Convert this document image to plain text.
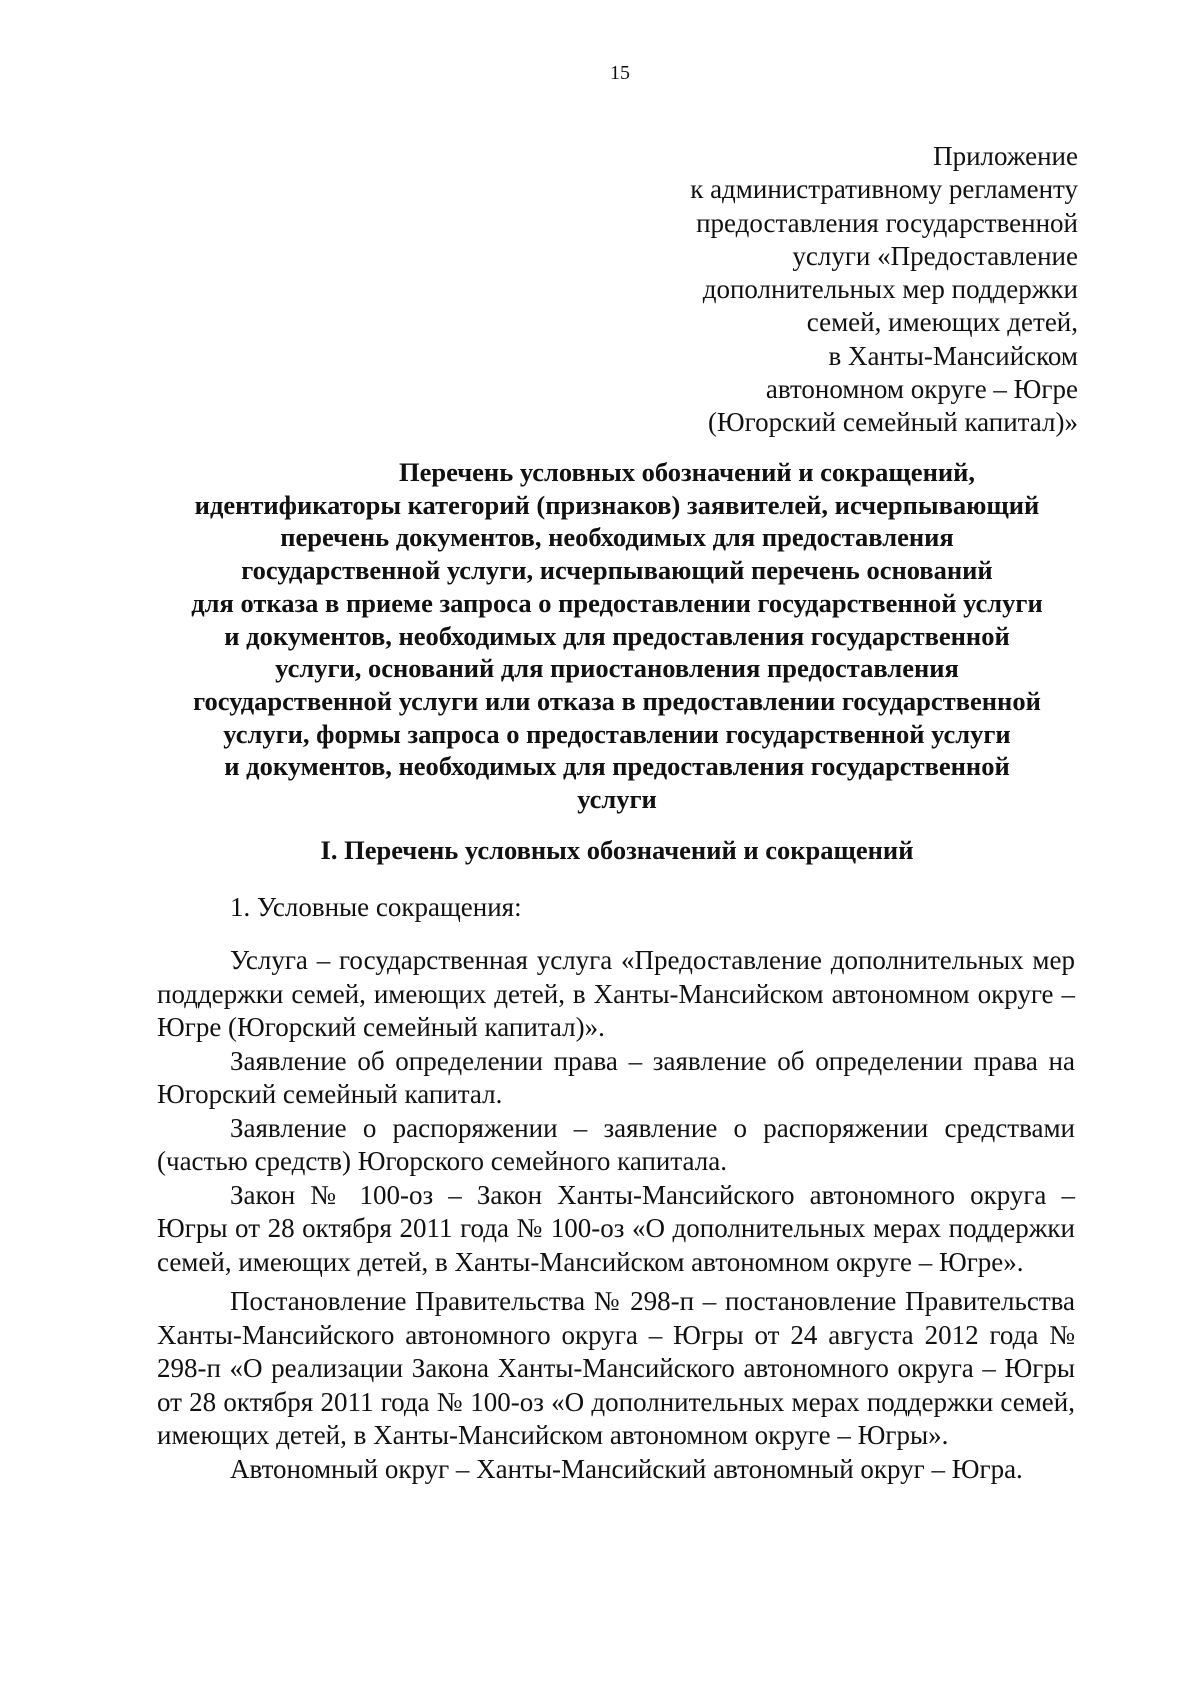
15
Приложение
к административному регламенту
предоставления государственной
услуги «Предоставление
дополнительных мер поддержки
семей, имеющих детей,
в Ханты-Мансийском
автономном округе – Югре
(Югорский семейный капитал)»
Перечень условных обозначений и сокращений,
идентификаторы категорий (признаков) заявителей, исчерпывающий
перечень документов, необходимых для предоставления
государственной услуги, исчерпывающий перечень оснований
для отказа в приеме запроса о предоставлении государственной услуги
и документов, необходимых для предоставления государственной
услуги, оснований для приостановления предоставления
государственной услуги или отказа в предоставлении государственной
услуги, формы запроса о предоставлении государственной услуги
и документов, необходимых для предоставления государственной
услуги
I. Перечень условных обозначений и сокращений
1. Условные сокращения:

Услуга – государственная услуга «Предоставление дополнительных мер поддержки семей, имеющих детей, в Ханты-Мансийском автономном округе – Югре (Югорский семейный капитал)».

Заявление об определении права – заявление об определении права на Югорский семейный капитал.

Заявление о распоряжении – заявление о распоряжении средствами (частью средств) Югорского семейного капитала.

Закон № 100-оз – Закон Ханты-Мансийского автономного округа – Югры от 28 октября 2011 года № 100-оз «О дополнительных мерах поддержки семей, имеющих детей, в Ханты-Мансийском автономном округе – Югре».

Постановление Правительства № 298-п – постановление Правительства Ханты-Мансийского автономного округа – Югры от 24 августа 2012 года № 298-п «О реализации Закона Ханты-Мансийского автономного округа – Югры от 28 октября 2011 года № 100-оз «О дополнительных мерах поддержки семей, имеющих детей, в Ханты-Мансийском автономном округе – Югры».

Автономный округ – Ханты-Мансийский автономный округ – Югра.
